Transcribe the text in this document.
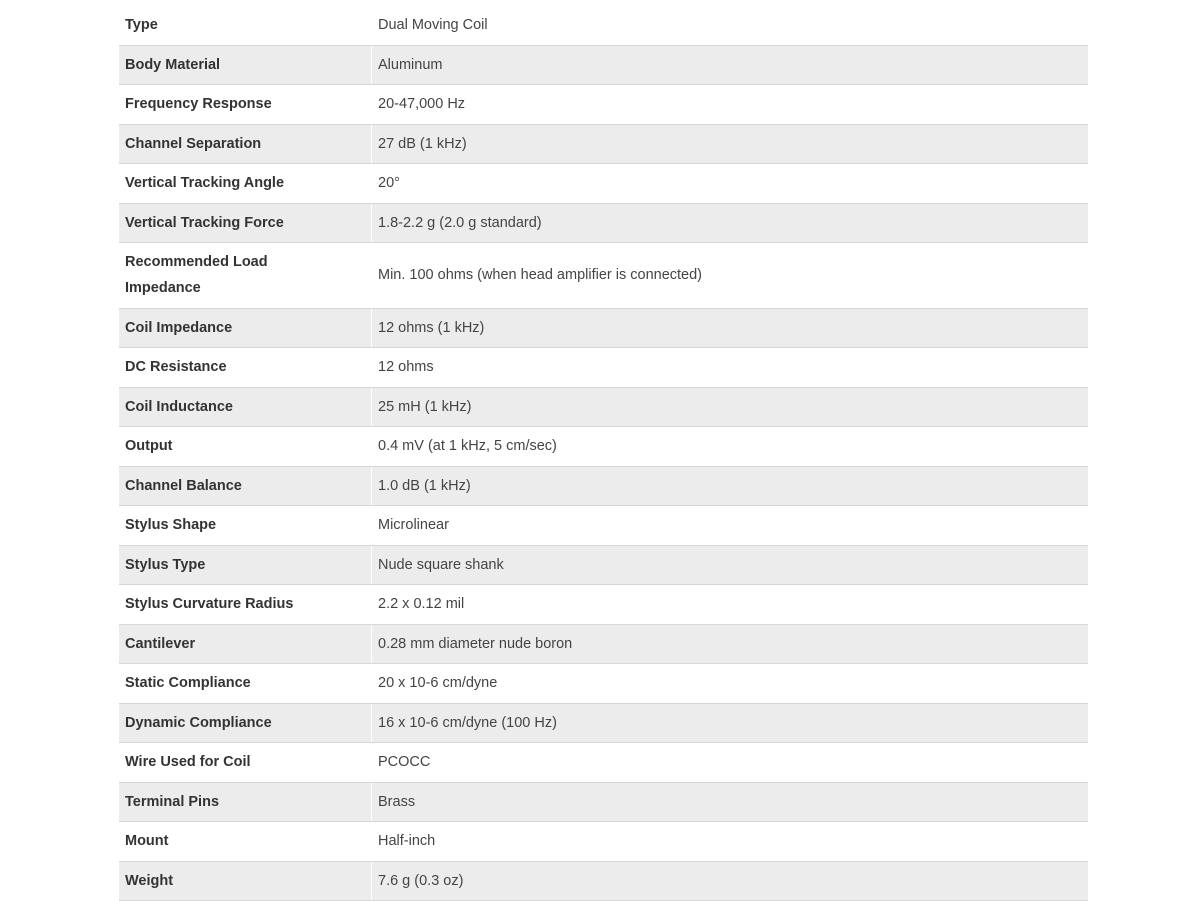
Type	Dual Moving Coil
Body Material	Aluminum
Frequency Response	20-47,000 Hz
Channel Separation	27 dB (1 kHz)
Vertical Tracking Angle	20°
Vertical Tracking Force	1.8-2.2 g (2.0 g standard)

Recommended Load Impedance	Min. 100 ohms (when head amplifier is connected)
Coil Impedance	12 ohms (1 kHz)
DC Resistance	12 ohms
Coil Inductance	25 mH (1 kHz)
Output	0.4 mV (at 1 kHz, 5 cm/sec)
Channel Balance	1.0 dB (1 kHz)
Stylus Shape	Microlinear
Stylus Type	Nude square shank
Stylus Curvature Radius	2.2 x 0.12 mil
Cantilever	0.28 mm diameter nude boron
Static Compliance	20 x 10-6 cm/dyne
Dynamic Compliance	16 x 10-6 cm/dyne (100 Hz)
Wire Used for Coil	PCOCC
Terminal Pins	Brass
Mount	Half-inch
Weight	7.6 g (0.3 oz)
